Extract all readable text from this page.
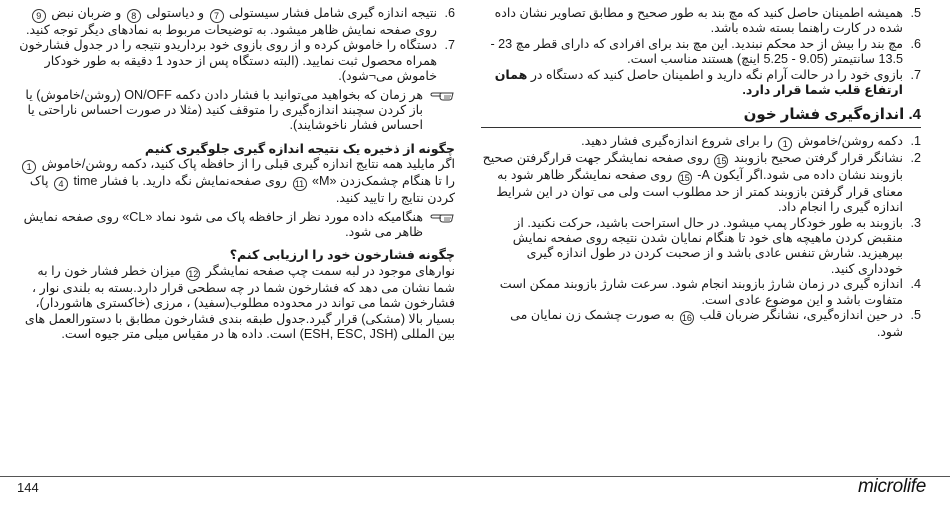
6.
نتیجه اندازه گیری شامل فشار سیستولی 7 و دیاستولی 8 و ضربان نبض 9 روی صفحه نمایش ظاهر میشود. به توضیحات مربوط به نمادهای دیگر توجه کنید.
7.
دستگاه را خاموش کرده و از روی بازوی خود برداریدو نتیجه را در جدول فشارخون همراه محصول ثبت نمایید. (البته دستگاه پس از حدود 1 دقیقه به طور خودکار خاموش می¬شود).
هر زمان که بخواهید می‌توانید با فشار دادن دکمه ON/OFF (روشن/خاموش) یا باز کردن سچبند اندازه‌گیری را متوقف کنید (مثلا در صورت احساس ناراحتی یا احساس فشار ناخوشایند).
چگونه از ذخیره یک نتیجه اندازه گیری جلوگیری کنیم
اگر مایلید همه نتایج اندازه گیری قبلی را از حافظه پاک کنید، دکمه روشن/خاموش 1 را تا هنگام چشمک‌زدن «M» 11 روی صفحه‌نمایش نگه دارید. با فشار time 4 پاک کردن نتایج را تایید کنید.
هنگامیکه داده مورد نظر از حافظه پاک می شود نماد «CL» روی صفحه نمایش ظاهر می شود.
چگونه فشارخون خود را ارزیابی کنم؟
نوارهای موجود در لبه سمت چپ صفحه نمایشگر 12 میزان خطر فشار خون را به شما نشان می دهد که فشارخون شما در چه سطحی قرار دارد.بسته به بلندی نوار ، فشارخون شما می تواند در محدوده مطلوب(سفید) ، مرزی (خاکستری هاشوردار)، بسیار بالا (مشکی) قرار گیرد.جدول طبقه بندی فشارخون مطابق با دستورالعمل های بین المللی (ESH, ESC, JSH) است. داده ها در مقیاس میلی متر جیوه است.
5.
همیشه اطمینان حاصل کنید که مچ بند به طور صحیح و مطابق تصاویر نشان داده شده در کارت راهنما بسته شده باشد.
6.
مچ بند را بیش از حد محکم نبندید. این مچ بند برای افرادی که دارای قطر مچ 23 - 13.5 سانتیمتر (9.05 - 5.25 اینچ) هستند مناسب است.
7.
بازوی خود را در حالت آرام نگه دارید و اطمینان حاصل کنید که دستگاه در همان ارتفاع قلب شما قرار دارد.
4. اندازه‌گیری فشار خون
1.
دکمه روشن/خاموش 1 را برای شروع اندازه‌گیری فشار دهید.
2.
نشانگر قرار گرفتن صحیح بازوبند 15 روی صفحه نمایشگر جهت قرارگرفتن صحیح بازوبند نشان داده می شود.اگر آیکون A- 15 روی صفحه نمایشگر ظاهر شود به معنای قرار گرفتن بازوبند کمتر از حد مطلوب است ولی می توان در این شرایط اندازه گیری را انجام داد.
3.
بازوبند به طور خودکار پمپ میشود. در حال استراحت باشید، حرکت نکنید. از منقبض کردن ماهیچه های خود تا هنگام نمایان شدن نتیجه روی صفحه نمایش بپرهیزید. شارش تنفس عادی باشد و از صحبت کردن در طول اندازه گیری خودداری کنید.
4.
اندازه گیری در زمان شارژ بازوبند انجام شود. سرعت شارژ بازوبند ممکن است متفاوت باشد و این موضوع عادی است.
5.
در حین اندازه‌گیری، نشانگر ضربان قلب 16 به صورت چشمک زن نمایان می شود.
144	microlife
